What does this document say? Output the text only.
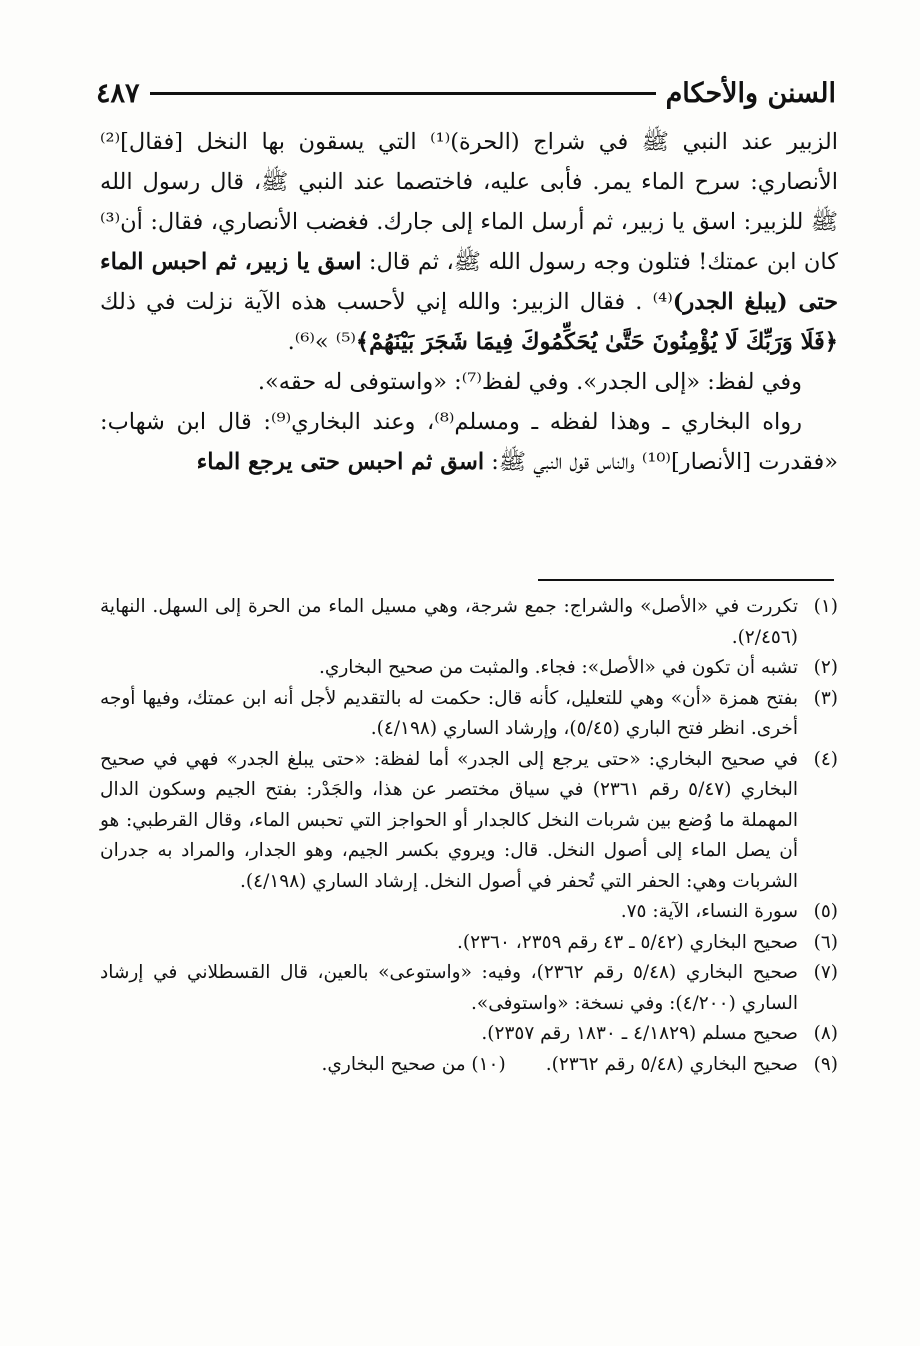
السنن والأحكام
٤٨٧

الزبير عند النبي ﷺ في شراج (الحرة)⁽¹⁾ التي يسقون بها النخل [فقال]⁽²⁾ الأنصاري: سرح الماء يمر. فأبى عليه، فاختصما عند النبي ﷺ، قال رسول الله ﷺ للزبير: اسق يا زبير، ثم أرسل الماء إلى جارك. فغضب الأنصاري، فقال: أن⁽³⁾ كان ابن عمتك! فتلون وجه رسول الله ﷺ، ثم قال: اسق يا زبير، ثم احبس الماء حتى (يبلغ الجدر)⁽⁴⁾ . فقال الزبير: والله إني لأحسب هذه الآية نزلت في ذلك ﴿فَلَا وَرَبِّكَ لَا يُؤْمِنُونَ حَتَّىٰ يُحَكِّمُوكَ فِيمَا شَجَرَ بَيْنَهُمْ﴾⁽⁵⁾ »⁽⁶⁾.

وفي لفظ: «إلى الجدر». وفي لفظ⁽⁷⁾: «واستوفى له حقه».

رواه البخاري ـ وهذا لفظه ـ ومسلم⁽⁸⁾، وعند البخاري⁽⁹⁾: قال ابن شهاب: «فقدرت [الأنصار]⁽¹⁰⁾ والناس قول النبي ﷺ: اسق ثم احبس حتى يرجع الماء

(١)تكررت في «الأصل» والشراج: جمع شرجة، وهي مسيل الماء من الحرة إلى السهل. النهاية (٢/٤٥٦).

(٢)تشبه أن تكون في «الأصل»: فجاء. والمثبت من صحيح البخاري.

(٣)بفتح همزة «أن» وهي للتعليل، كأنه قال: حكمت له بالتقديم لأجل أنه ابن عمتك، وفيها أوجه أخرى. انظر فتح الباري (٥/٤٥)، وإرشاد الساري (٤/١٩٨).

(٤)في صحيح البخاري: «حتى يرجع إلى الجدر» أما لفظة: «حتى يبلغ الجدر» فهي في صحيح البخاري (٥/٤٧ رقم ٢٣٦١) في سياق مختصر عن هذا، والجَدْر: بفتح الجيم وسكون الدال المهملة ما وُضع بين شربات النخل كالجدار أو الحواجز التي تحبس الماء، وقال القرطبي: هو أن يصل الماء إلى أصول النخل. قال: ويروي بكسر الجيم، وهو الجدار، والمراد به جدران الشربات وهي: الحفر التي تُحفر في أصول النخل. إرشاد الساري (٤/١٩٨).

(٥)سورة النساء، الآية: ٧٥.

(٦)صحيح البخاري (٥/٤٢ ـ ٤٣ رقم ٢٣٥٩، ٢٣٦٠).

(٧)صحيح البخاري (٥/٤٨ رقم ٢٣٦٢)، وفيه: «واستوعى» بالعين، قال القسطلاني في إرشاد الساري (٤/٢٠٠): وفي نسخة: «واستوفى».

(٨)صحيح مسلم (٤/١٨٢٩ ـ ١٨٣٠ رقم ٢٣٥٧).

(٩)صحيح البخاري (٥/٤٨ رقم ٢٣٦٢).

(١٠)من صحيح البخاري.
